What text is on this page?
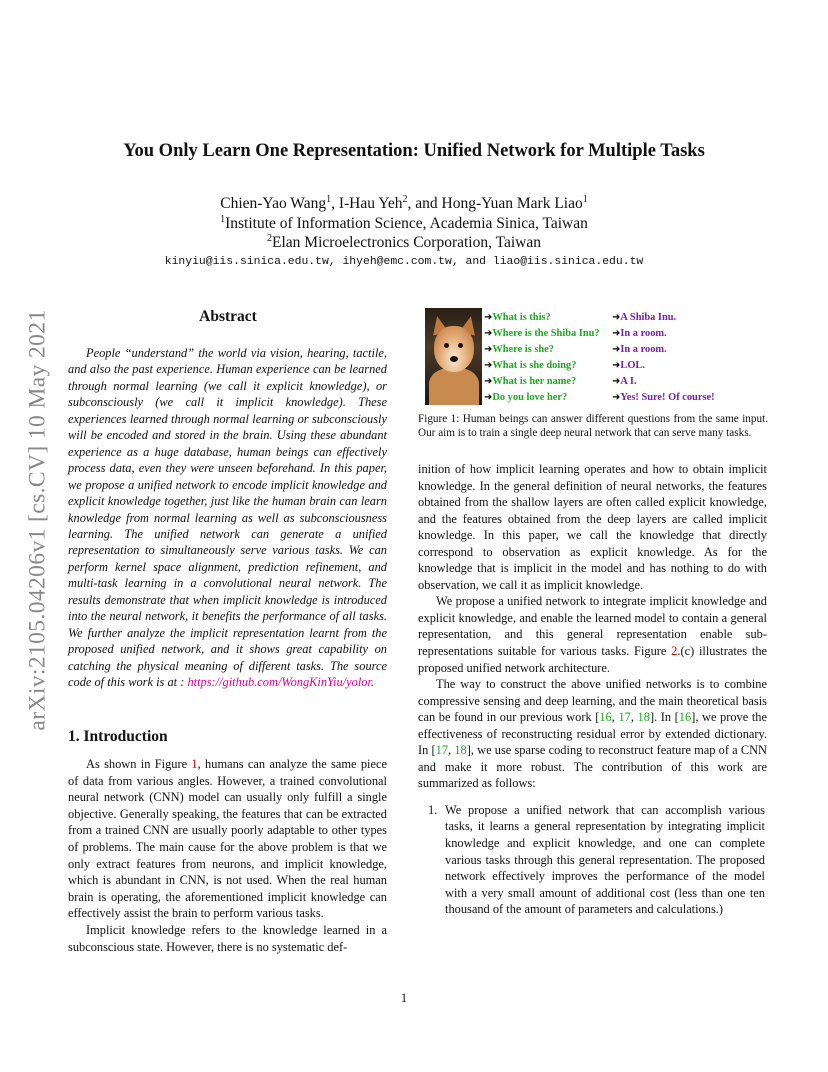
arXiv:2105.04206v1 [cs.CV] 10 May 2021
You Only Learn One Representation: Unified Network for Multiple Tasks
Chien-Yao Wang$^1$, I-Hau Yeh$^2$, and Hong-Yuan Mark Liao$^1$
$^1$Institute of Information Science, Academia Sinica, Taiwan
$^2$Elan Microelectronics Corporation, Taiwan
kinyiu@iis.sinica.edu.tw, ihyeh@emc.com.tw, and liao@iis.sinica.edu.tw
Abstract

People “understand” the world via vision, hearing, tactile, and also the past experience. Human experience can be learned through normal learning (we call it explicit knowledge), or subconsciously (we call it implicit knowledge). These experiences learned through normal learning or subconsciously will be encoded and stored in the brain. Using these abundant experience as a huge database, human beings can effectively process data, even they were unseen beforehand. In this paper, we propose a unified network to encode implicit knowledge and explicit knowledge together, just like the human brain can learn knowledge from normal learning as well as subconsciousness learning. The unified network can generate a unified representation to simultaneously serve various tasks. We can perform kernel space alignment, prediction refinement, and multi-task learning in a convolutional neural network. The results demonstrate that when implicit knowledge is introduced into the neural network, it benefits the performance of all tasks. We further analyze the implicit representation learnt from the proposed unified network, and it shows great capability on catching the physical meaning of different tasks. The source code of this work is at : https://github.com/WongKinYiu/yolor.

➜What is this?
➜Where is the Shiba Inu?
➜Where is she?
➜What is she doing?
➜What is her name?
➜Do you love her?
➜A Shiba Inu.
➜In a room.
➜In a room.
➜LOL.
➜A I.
➜Yes! Sure! Of course!
Figure 1: Human beings can answer different questions from the same input. Our aim is to train a single deep neural network that can serve many tasks.
1. Introduction

As shown in Figure 1, humans can analyze the same piece of data from various angles. However, a trained convolutional neural network (CNN) model can usually only fulfill a single objective. Generally speaking, the features that can be extracted from a trained CNN are usually poorly adaptable to other types of problems. The main cause for the above problem is that we only extract features from neurons, and implicit knowledge, which is abundant in CNN, is not used. When the real human brain is operating, the aforementioned implicit knowledge can effectively assist the brain to perform various tasks.

Implicit knowledge refers to the knowledge learned in a subconscious state. However, there is no systematic def-

inition of how implicit learning operates and how to obtain implicit knowledge. In the general definition of neural networks, the features obtained from the shallow layers are often called explicit knowledge, and the features obtained from the deep layers are called implicit knowledge. In this paper, we call the knowledge that directly correspond to observation as explicit knowledge. As for the knowledge that is implicit in the model and has nothing to do with observation, we call it as implicit knowledge.

We propose a unified network to integrate implicit knowledge and explicit knowledge, and enable the learned model to contain a general representation, and this general representation enable sub-representations suitable for various tasks. Figure 2.(c) illustrates the proposed unified network architecture.

The way to construct the above unified networks is to combine compressive sensing and deep learning, and the main theoretical basis can be found in our previous work [16, 17, 18]. In [16], we prove the effectiveness of reconstructing residual error by extended dictionary. In [17, 18], we use sparse coding to reconstruct feature map of a CNN and make it more robust. The contribution of this work are summarized as follows:

1. We propose a unified network that can accomplish various tasks, it learns a general representation by integrating implicit knowledge and explicit knowledge, and one can complete various tasks through this general representation. The proposed network effectively improves the performance of the model with a very small amount of additional cost (less than one ten thousand of the amount of parameters and calculations.)
1
